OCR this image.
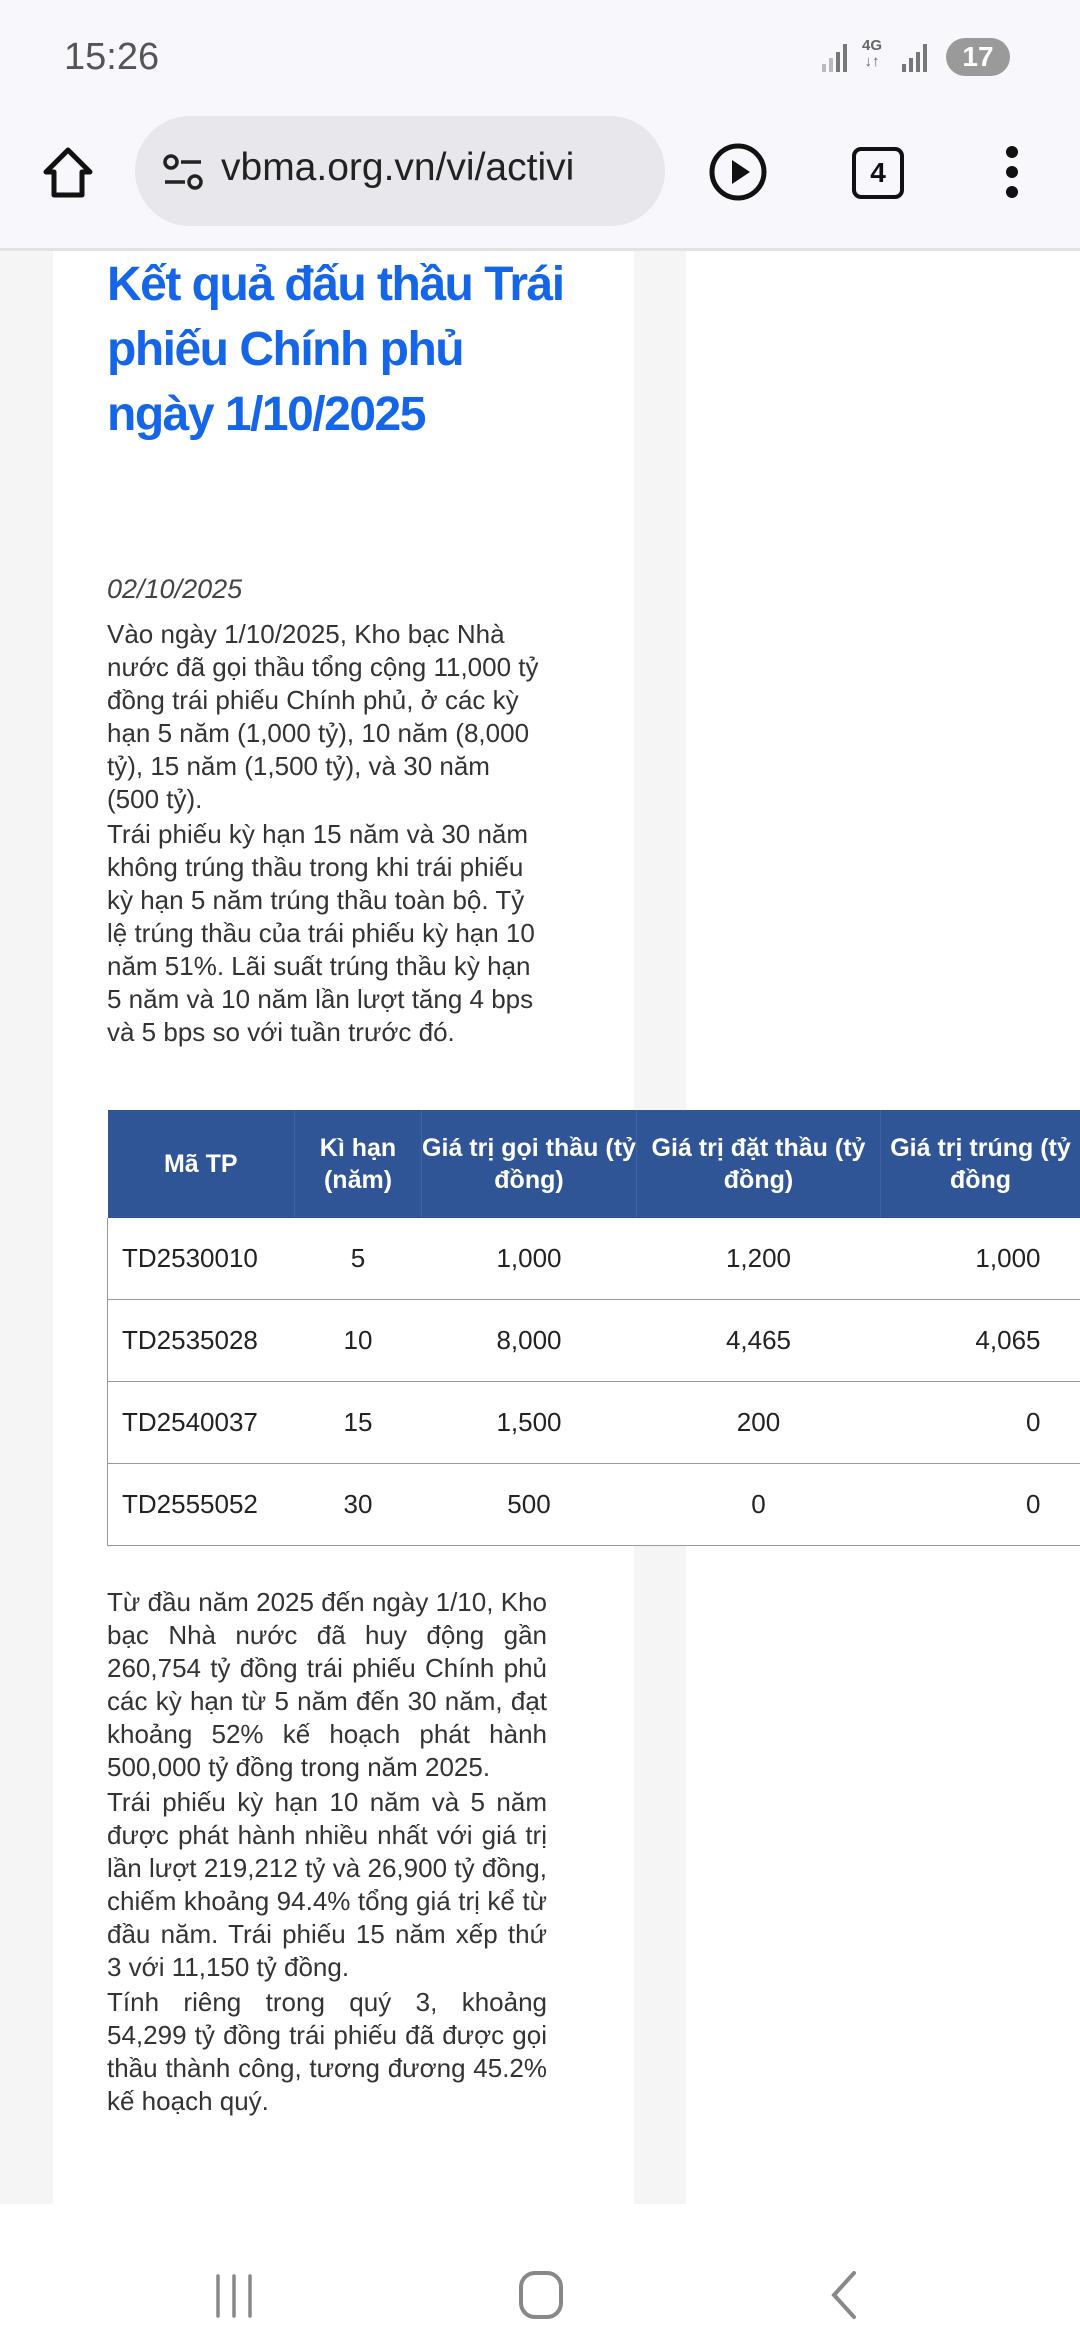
15:26	4G
↓↑	17
vbma.org.vn/vi/activi	4
Kết quả đấu thầu Trái phiếu Chính phủ ngày 1/10/2025
02/10/2025

Vào ngày 1/10/2025, Kho bạc Nhà nước đã gọi thầu tổng cộng 11,000 tỷ đồng trái phiếu Chính phủ, ở các kỳ hạn 5 năm (1,000 tỷ), 10 năm (8,000 tỷ), 15 năm (1,500 tỷ), và 30 năm (500 tỷ).

Trái phiếu kỳ hạn 15 năm và 30 năm không trúng thầu trong khi trái phiếu kỳ hạn 5 năm trúng thầu toàn bộ. Tỷ lệ trúng thầu của trái phiếu kỳ hạn 10 năm 51%. Lãi suất trúng thầu kỳ hạn 5 năm và 10 năm lần lượt tăng 4 bps và 5 bps so với tuần trước đó.

Mã TP	Kì hạn (năm)	Giá trị gọi thầu (tỷ đồng)	Giá trị đặt thầu (tỷ đồng)	Giá trị trúng (tỷ đồng
TD2530010	5	1,000	1,200	1,000
TD2535028	10	8,000	4,465	4,065
TD2540037	15	1,500	200	0
TD2555052	30	500	0	0

Từ đầu năm 2025 đến ngày 1/10, Kho bạc Nhà nước đã huy động gần 260,754 tỷ đồng trái phiếu Chính phủ các kỳ hạn từ 5 năm đến 30 năm, đạt khoảng 52% kế hoạch phát hành 500,000 tỷ đồng trong năm 2025.

Trái phiếu kỳ hạn 10 năm và 5 năm được phát hành nhiều nhất với giá trị lần lượt 219,212 tỷ và 26,900 tỷ đồng, chiếm khoảng 94.4% tổng giá trị kể từ đầu năm. Trái phiếu 15 năm xếp thứ 3 với 11,150 tỷ đồng.

Tính riêng trong quý 3, khoảng 54,299 tỷ đồng trái phiếu đã được gọi thầu thành công, tương đương 45.2% kế hoạch quý.
